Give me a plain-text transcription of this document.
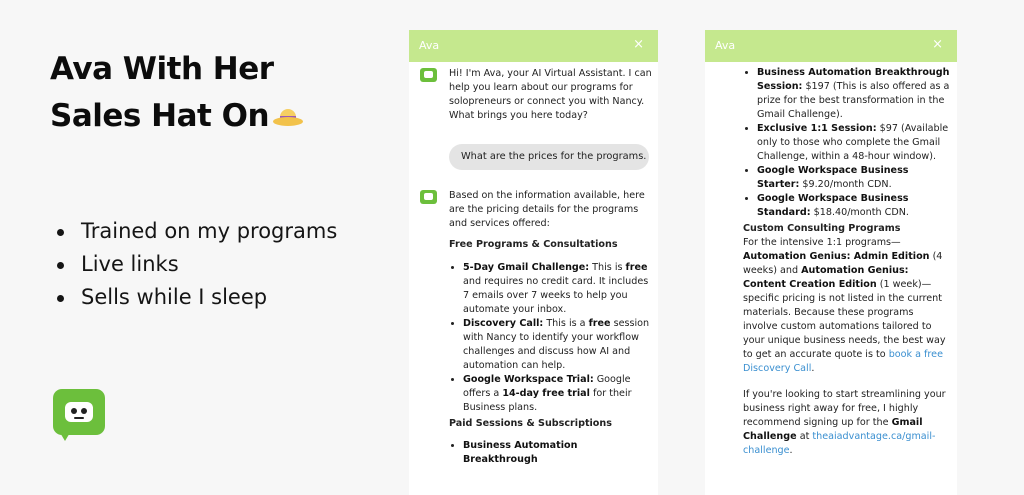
Ava With Her
Sales Hat On
Trained on my programs
Live links
Sells while I sleep
Ava	×
Hi! I'm Ava, your AI Virtual Assistant. I can help you learn about our programs for solopreneurs or connect you with Nancy. What brings you here today?
What are the prices for the programs.

Based on the information available, here are the pricing details for the programs and services offered:

Free Programs & Consultations

• 5-Day Gmail Challenge: This is free and requires no credit card. It includes 7 emails over 7 weeks to help you automate your inbox.
• Discovery Call: This is a free session with Nancy to identify your workflow challenges and discuss how AI and automation can help.
• Google Workspace Trial: Google offers a 14-day free trial for their Business plans.

Paid Sessions & Subscriptions

• Business Automation Breakthrough
Ava	×
• Business Automation Breakthrough Session: $197 (This is also offered as a prize for the best transformation in the Gmail Challenge).
• Exclusive 1:1 Session: $97 (Available only to those who complete the Gmail Challenge, within a 48-hour window).
• Google Workspace Business Starter: $9.20/month CDN.
• Google Workspace Business Standard: $18.40/month CDN.

Custom Consulting Programs

For the intensive 1:1 programs—Automation Genius: Admin Edition (4 weeks) and Automation Genius: Content Creation Edition (1 week)—specific pricing is not listed in the current materials. Because these programs involve custom automations tailored to your unique business needs, the best way to get an accurate quote is to book a free Discovery Call.

If you're looking to start streamlining your business right away for free, I highly recommend signing up for the Gmail Challenge at theaiadvantage.ca/gmail-challenge.
